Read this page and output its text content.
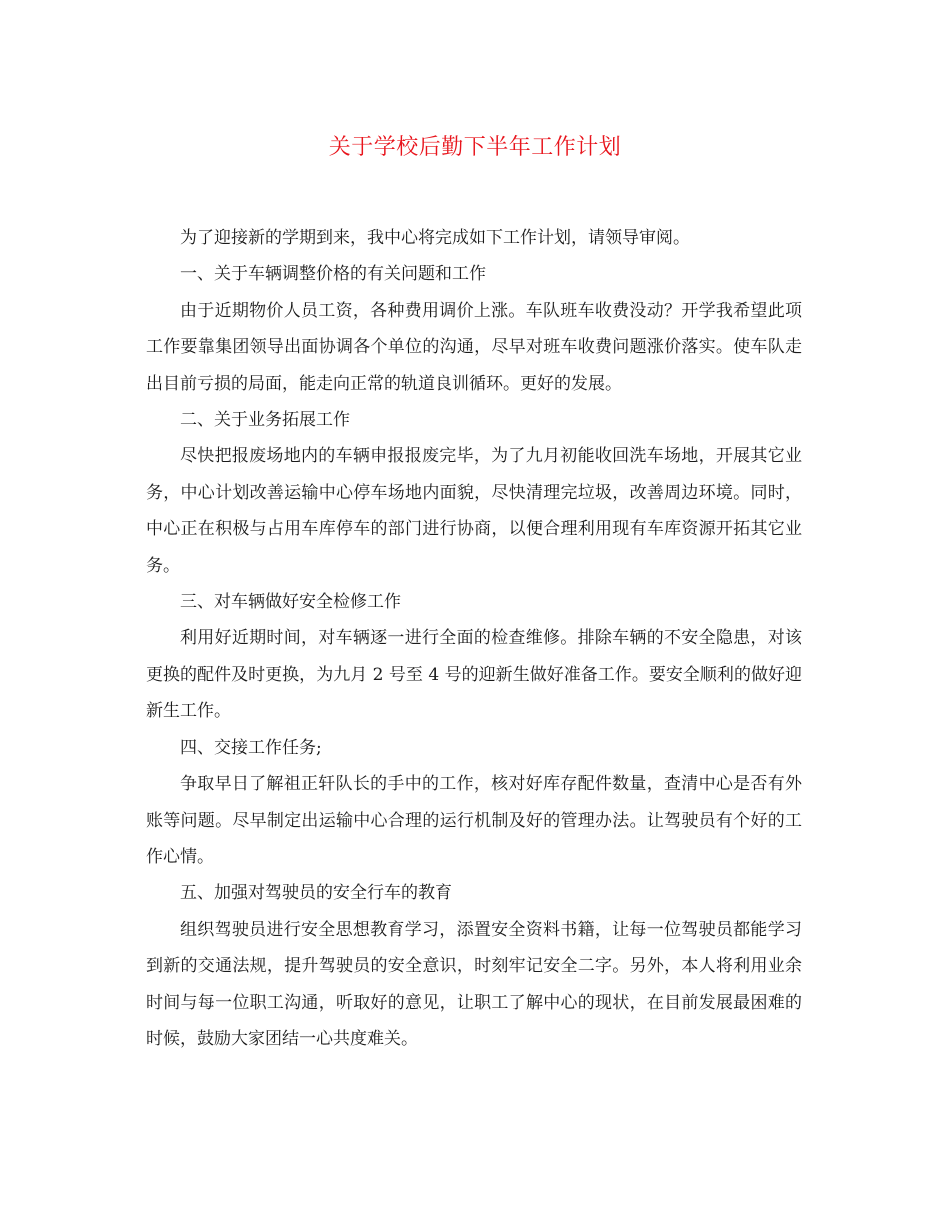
关于学校后勤下半年工作计划

为了迎接新的学期到来，我中心将完成如下工作计划，请领导审阅。

一、关于车辆调整价格的有关问题和工作

由于近期物价人员工资，各种费用调价上涨。车队班车收费没动？开学我希望此项工作要靠集团领导出面协调各个单位的沟通，尽早对班车收费问题涨价落实。使车队走出目前亏损的局面，能走向正常的轨道良训循环。更好的发展。

二、关于业务拓展工作

尽快把报废场地内的车辆申报报废完毕，为了九月初能收回洗车场地，开展其它业务，中心计划改善运输中心停车场地内面貌，尽快清理完垃圾，改善周边环境。同时，中心正在积极与占用车库停车的部门进行协商，以便合理利用现有车库资源开拓其它业务。

三、对车辆做好安全检修工作

利用好近期时间，对车辆逐一进行全面的检查维修。排除车辆的不安全隐患，对该更换的配件及时更换，为九月 2 号至 4 号的迎新生做好准备工作。要安全顺利的做好迎新生工作。

四、交接工作任务;

争取早日了解祖正轩队长的手中的工作，核对好库存配件数量，查清中心是否有外账等问题。尽早制定出运输中心合理的运行机制及好的管理办法。让驾驶员有个好的工作心情。

五、加强对驾驶员的安全行车的教育

组织驾驶员进行安全思想教育学习，添置安全资料书籍，让每一位驾驶员都能学习到新的交通法规，提升驾驶员的安全意识，时刻牢记安全二字。另外，本人将利用业余时间与每一位职工沟通，听取好的意见，让职工了解中心的现状，在目前发展最困难的时候，鼓励大家团结一心共度难关。
